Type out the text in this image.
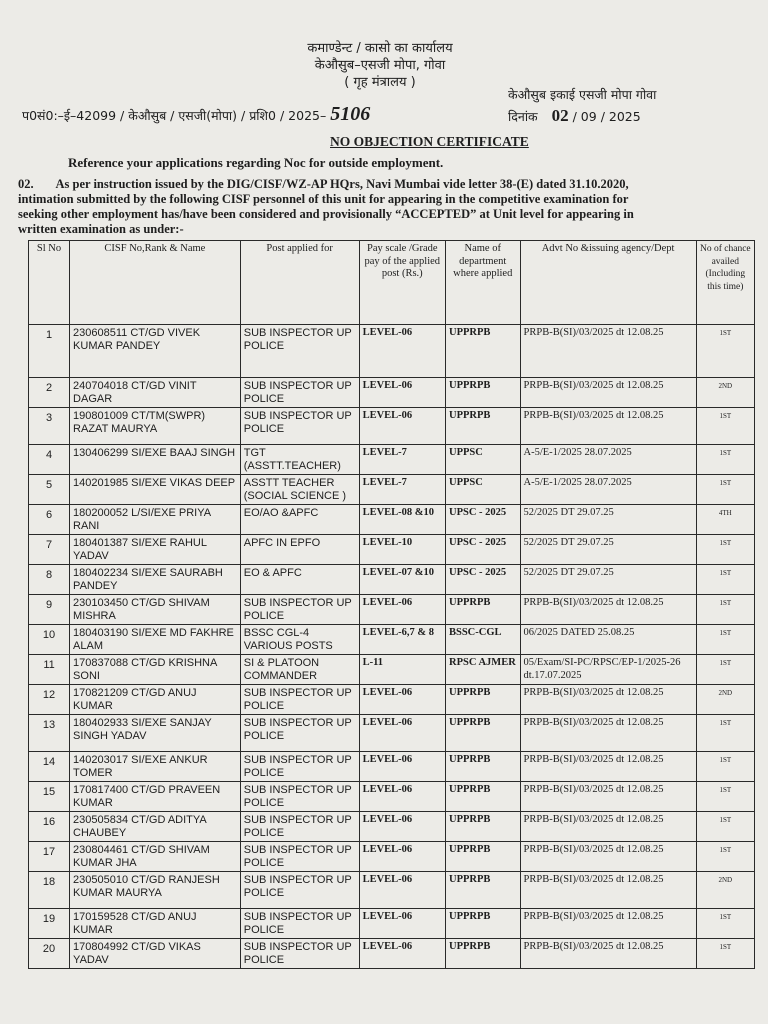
कमाण्डेन्ट / कासो का कार्यालय
केऔसुब–एसजी मोपा, गोवा
( गृह मंत्रालय )
प0सं0:–ई–42099 / केऔसुब / एसजी(मोपा) / प्रशि0 / 2025– 5106
केऔसुब इकाई एसजी मोपा गोवा
दिनांक 02 / 09 / 2025
NO OBJECTION CERTIFICATE
Reference your applications regarding Noc for outside employment.
02. As per instruction issued by the DIG/CISF/WZ-AP HQrs, Navi Mumbai vide letter 38-(E) dated 31.10.2020,
intimation submitted by the following CISF personnel of this unit for appearing in the competitive examination for
seeking other employment has/have been considered and provisionally “ACCEPTED” at Unit level for appearing in
written examination as under:-
Sl No	CISF No,Rank & Name	Post applied for	Pay scale /Grade pay of the applied post (Rs.)	Name of department where applied	Advt No &issuing agency/Dept	No of chance availed (Including this time)
1	230608511 CT/GD VIVEK KUMAR PANDEY	SUB INSPECTOR UP POLICE	LEVEL-06	UPPRPB	PRPB-B(SI)/03/2025 dt 12.08.25	1ST
2	240704018 CT/GD VINIT DAGAR	SUB INSPECTOR UP POLICE	LEVEL-06	UPPRPB	PRPB-B(SI)/03/2025 dt 12.08.25	2ND
3	190801009 CT/TM(SWPR) RAZAT MAURYA	SUB INSPECTOR UP POLICE	LEVEL-06	UPPRPB	PRPB-B(SI)/03/2025 dt 12.08.25	1ST
4	130406299 SI/EXE BAAJ SINGH	TGT (ASSTT.TEACHER)	LEVEL-7	UPPSC	A-5/E-1/2025 28.07.2025	1ST
5	140201985 SI/EXE VIKAS DEEP	ASSTT TEACHER (SOCIAL SCIENCE )	LEVEL-7	UPPSC	A-5/E-1/2025 28.07.2025	1ST
6	180200052 L/SI/EXE PRIYA RANI	EO/AO &APFC	LEVEL-08 &10	UPSC - 2025	52/2025 DT 29.07.25	4TH
7	180401387 SI/EXE RAHUL YADAV	APFC IN EPFO	LEVEL-10	UPSC - 2025	52/2025 DT 29.07.25	1ST
8	180402234 SI/EXE SAURABH PANDEY	EO & APFC	LEVEL-07 &10	UPSC - 2025	52/2025 DT 29.07.25	1ST
9	230103450 CT/GD SHIVAM MISHRA	SUB INSPECTOR UP POLICE	LEVEL-06	UPPRPB	PRPB-B(SI)/03/2025 dt 12.08.25	1ST
10	180403190 SI/EXE MD FAKHRE ALAM	BSSC CGL-4 VARIOUS POSTS	LEVEL-6,7 & 8	BSSC-CGL	06/2025 DATED 25.08.25	1ST
11	170837088 CT/GD KRISHNA SONI	SI & PLATOON COMMANDER	L-11	RPSC AJMER	05/Exam/SI-PC/RPSC/EP-1/2025-26 dt.17.07.2025	1ST
12	170821209 CT/GD ANUJ KUMAR	SUB INSPECTOR UP POLICE	LEVEL-06	UPPRPB	PRPB-B(SI)/03/2025 dt 12.08.25	2ND
13	180402933 SI/EXE SANJAY SINGH YADAV	SUB INSPECTOR UP POLICE	LEVEL-06	UPPRPB	PRPB-B(SI)/03/2025 dt 12.08.25	1ST
14	140203017 SI/EXE ANKUR TOMER	SUB INSPECTOR UP POLICE	LEVEL-06	UPPRPB	PRPB-B(SI)/03/2025 dt 12.08.25	1ST
15	170817400 CT/GD PRAVEEN KUMAR	SUB INSPECTOR UP POLICE	LEVEL-06	UPPRPB	PRPB-B(SI)/03/2025 dt 12.08.25	1ST
16	230505834 CT/GD ADITYA CHAUBEY	SUB INSPECTOR UP POLICE	LEVEL-06	UPPRPB	PRPB-B(SI)/03/2025 dt 12.08.25	1ST
17	230804461 CT/GD SHIVAM KUMAR JHA	SUB INSPECTOR UP POLICE	LEVEL-06	UPPRPB	PRPB-B(SI)/03/2025 dt 12.08.25	1ST
18	230505010 CT/GD RANJESH KUMAR MAURYA	SUB INSPECTOR UP POLICE	LEVEL-06	UPPRPB	PRPB-B(SI)/03/2025 dt 12.08.25	2ND
19	170159528 CT/GD ANUJ KUMAR	SUB INSPECTOR UP POLICE	LEVEL-06	UPPRPB	PRPB-B(SI)/03/2025 dt 12.08.25	1ST
20	170804992 CT/GD VIKAS YADAV	SUB INSPECTOR UP POLICE	LEVEL-06	UPPRPB	PRPB-B(SI)/03/2025 dt 12.08.25	1ST
